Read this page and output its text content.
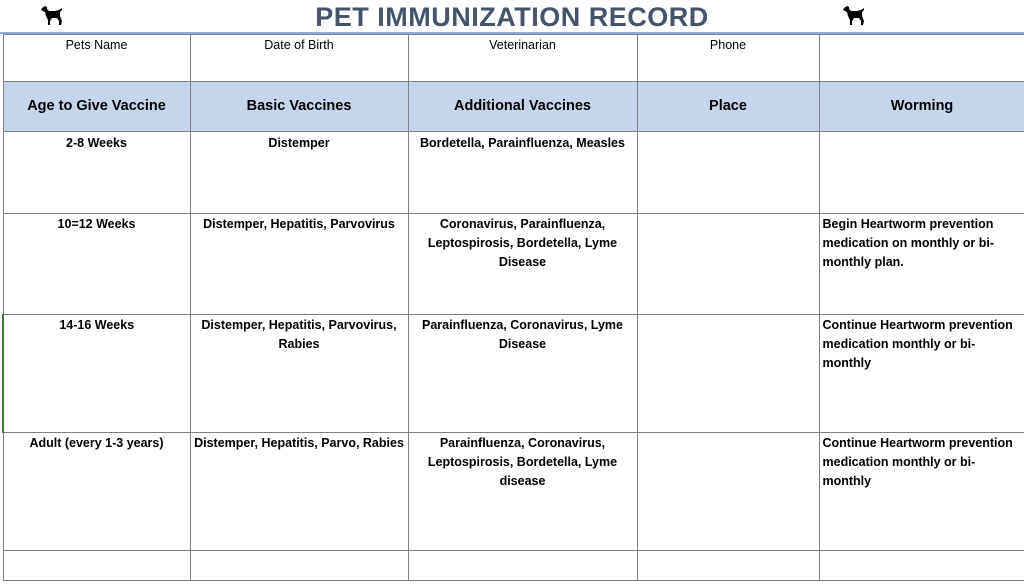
PET IMMUNIZATION RECORD
Pets Name	Date of Birth	Veterinarian	Phone	
Age to Give Vaccine	Basic Vaccines	Additional Vaccines	Place	Worming
2-8 Weeks	Distemper	Bordetella, Parainfluenza, Measles		
10=12 Weeks	Distemper, Hepatitis, Parvovirus	Coronavirus, Parainfluenza, Leptospirosis, Bordetella, Lyme Disease		Begin Heartworm prevention medication on monthly or bi-monthly plan.
14-16 Weeks	Distemper, Hepatitis, Parvovirus, Rabies	Parainfluenza, Coronavirus, Lyme Disease		Continue Heartworm prevention medication monthly or bi-monthly
Adult (every 1-3 years)	Distemper, Hepatitis, Parvo, Rabies	Parainfluenza, Coronavirus, Leptospirosis, Bordetella, Lyme disease		Continue Heartworm prevention medication monthly or bi-monthly
